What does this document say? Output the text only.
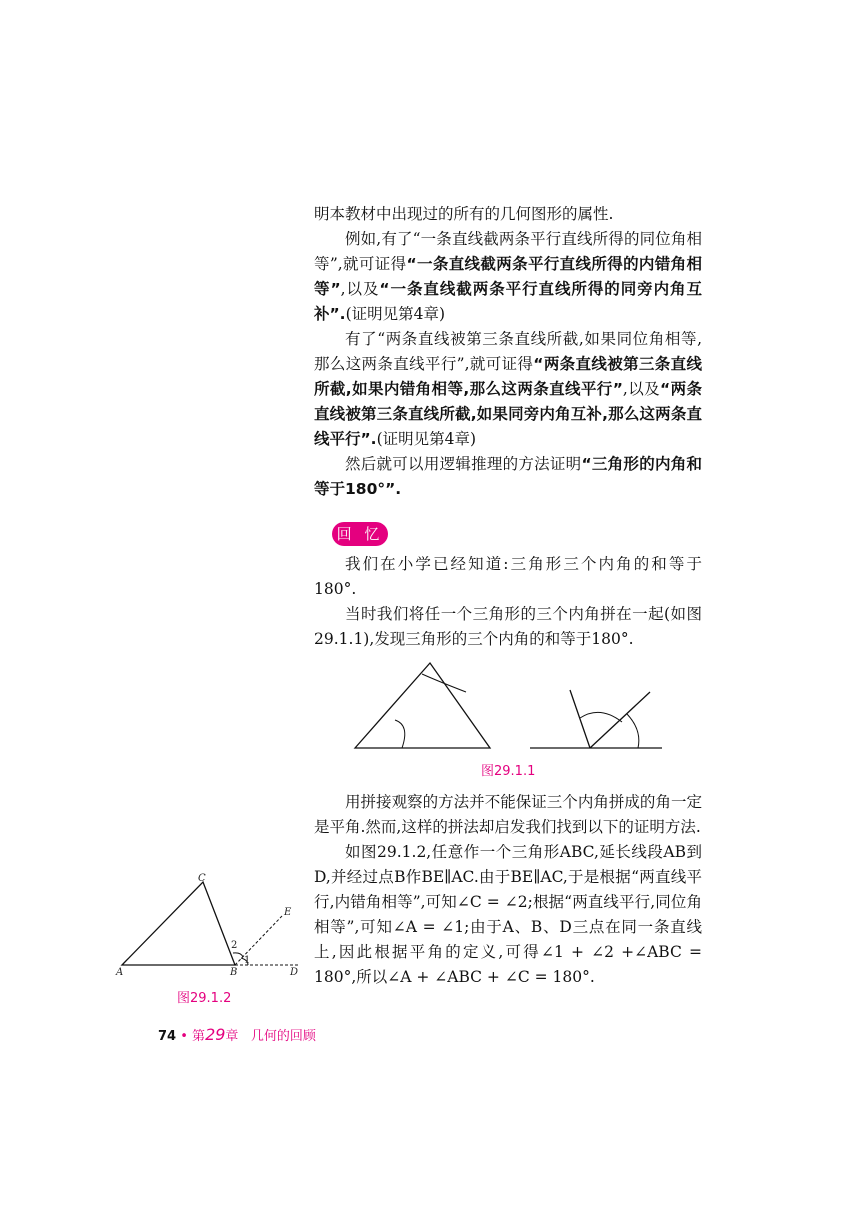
明本教材中出现过的所有的几何图形的属性.

例如,有了“一条直线截两条平行直线所得的同位角相等”,就可证得“一条直线截两条平行直线所得的内错角相等”,以及“一条直线截两条平行直线所得的同旁内角互补”.(证明见第4章)

有了“两条直线被第三条直线所截,如果同位角相等,那么这两条直线平行”,就可证得“两条直线被第三条直线所截,如果内错角相等,那么这两条直线平行”,以及“两条直线被第三条直线所截,如果同旁内角互补,那么这两条直线平行”.(证明见第4章)

然后就可以用逻辑推理的方法证明“三角形的内角和等于180°”.

回 忆

我们在小学已经知道:三角形三个内角的和等于180°.

当时我们将任一个三角形的三个内角拼在一起(如图29.1.1),发现三角形的三个内角的和等于180°.

图29.1.1

用拼接观察的方法并不能保证三个内角拼成的角一定是平角.然而,这样的拼法却启发我们找到以下的证明方法.

如图29.1.2,任意作一个三角形ABC,延长线段AB到D,并经过点B作BE∥AC.由于BE∥AC,于是根据“两直线平行,内错角相等”,可知∠C = ∠2;根据“两直线平行,同位角相等”,可知∠A = ∠1;由于A、B、D三点在同一条直线上,因此根据平角的定义,可得∠1 + ∠2 +∠ABC = 180°,所以∠A + ∠ABC + ∠C = 180°.

A
C
B	D
E
1
2
图29.1.2
74 • 第29章 几何的回顾
